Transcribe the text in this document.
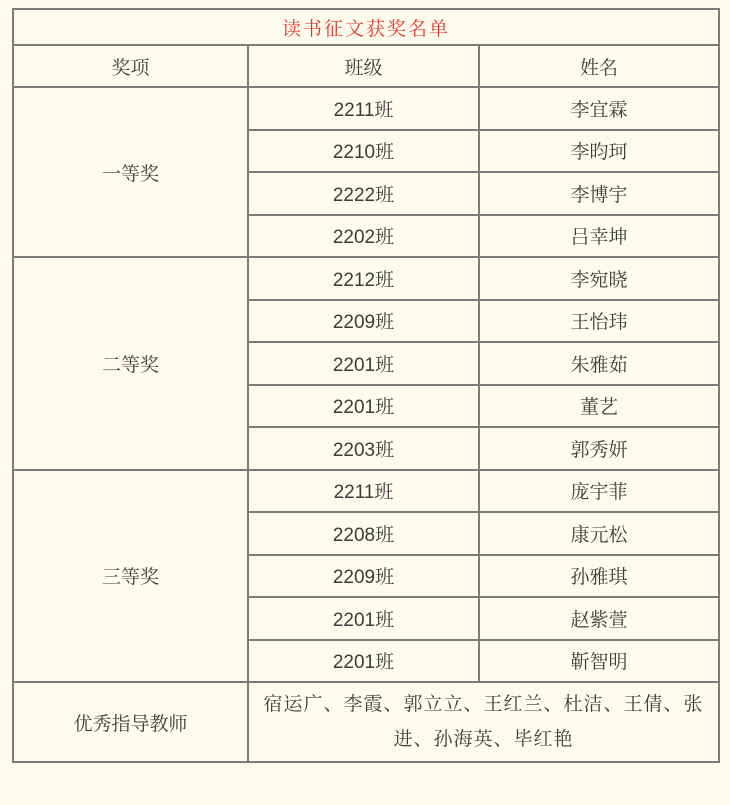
读书征文获奖名单		
奖项	班级	姓名
一等奖	2211班	李宜霖
	2210班	李昀珂
	2222班	李博宇
	2202班	吕幸坤
二等奖	2212班	李宛晓
	2209班	王怡玮
	2201班	朱雅茹
	2201班	董艺
	2203班	郭秀妍
三等奖	2211班	庞宇菲
	2208班	康元松
	2209班	孙雅琪
	2201班	赵紫萱
	2201班	靳智明
优秀指导教师	宿运广、李霞、郭立立、王红兰、杜洁、王倩、张进、孙海英、毕红艳	
